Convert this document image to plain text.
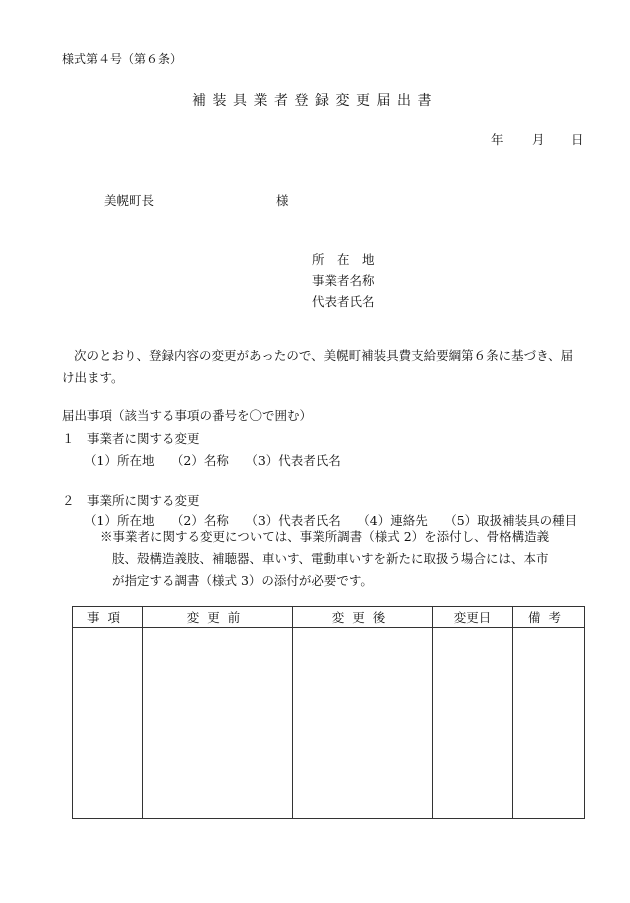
様式第４号（第６条）
補装具業者登録変更届出書
年 月 日
美幌町長	様
所　在　地
事業者名称
代表者氏名
次のとおり、登録内容の変更があったので、美幌町補装具費支給要綱第６条に基づき、届け出ます。
届出事項（該当する事項の番号を〇で囲む）
１　事業者に関する変更
（1）所在地　 （2）名称　 （3）代表者氏名
２　事業所に関する変更
（1）所在地　 （2）名称　 （3）代表者氏名　 （4）連絡先　 （5）取扱補装具の種目
※事業者に関する変更については、事業所調書（様式 2）を添付し、骨格構造義
肢、殻構造義肢、補聴器、車いす、電動車いすを新たに取扱う場合には、本市
が指定する調書（様式 3）の添付が必要です。
事項	変更前	変更後	変更日	備考
